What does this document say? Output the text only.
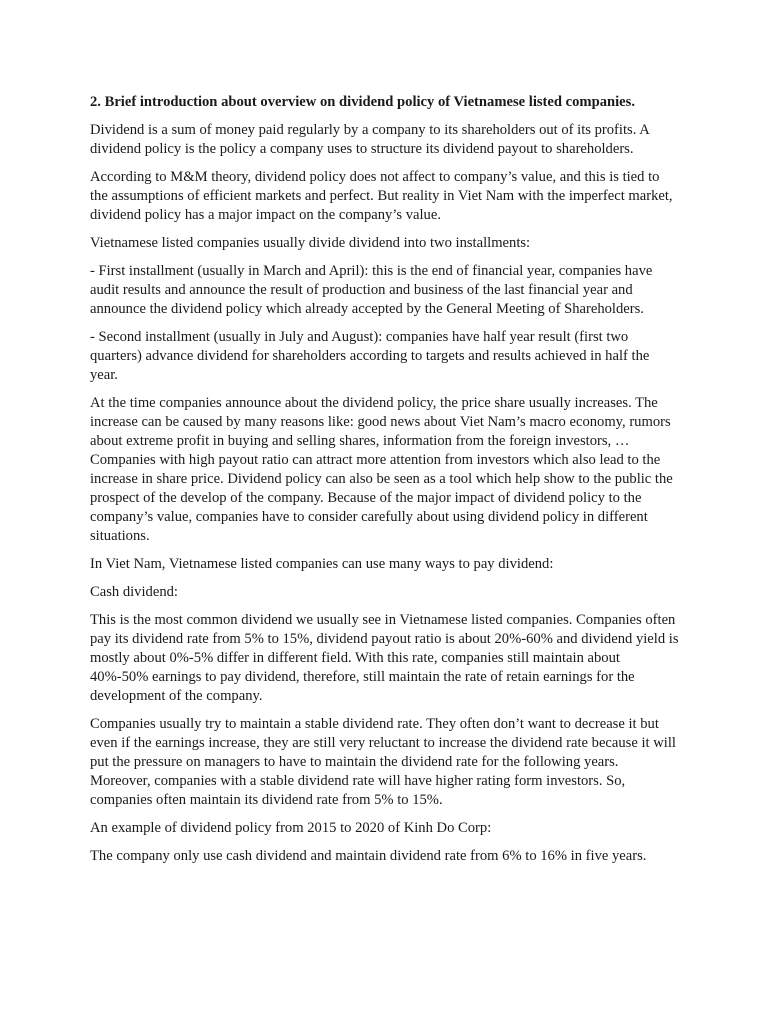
2. Brief introduction about overview on dividend policy of Vietnamese listed companies.

Dividend is a sum of money paid regularly by a company to its shareholders out of its profits. A dividend policy is the policy a company uses to structure its dividend payout to shareholders.

According to M&M theory, dividend policy does not affect to company’s value, and this is tied to the assumptions of efficient markets and perfect. But reality in Viet Nam with the imperfect market, dividend policy has a major impact on the company’s value.

Vietnamese listed companies usually divide dividend into two installments:

- First installment (usually in March and April): this is the end of financial year, companies have audit results and announce the result of production and business of the last financial year and announce the dividend policy which already accepted by the General Meeting of Shareholders.

- Second installment (usually in July and August): companies have half year result (first two quarters) advance dividend for shareholders according to targets and results achieved in half the year.

At the time companies announce about the dividend policy, the price share usually increases. The increase can be caused by many reasons like: good news about Viet Nam’s macro economy, rumors about extreme profit in buying and selling shares, information from the foreign investors, … Companies with high payout ratio can attract more attention from investors which also lead to the increase in share price. Dividend policy can also be seen as a tool which help show to the public the prospect of the develop of the company. Because of the major impact of dividend policy to the company’s value, companies have to consider carefully about using dividend policy in different situations.

In Viet Nam, Vietnamese listed companies can use many ways to pay dividend:

Cash dividend:

This is the most common dividend we usually see in Vietnamese listed companies. Companies often pay its dividend rate from 5% to 15%, dividend payout ratio is about 20%-60% and dividend yield is mostly about 0%-5% differ in different field. With this rate, companies still maintain about 40%-50% earnings to pay dividend, therefore, still maintain the rate of retain earnings for the development of the company.

Companies usually try to maintain a stable dividend rate. They often don’t want to decrease it but even if the earnings increase, they are still very reluctant to increase the dividend rate because it will put the pressure on managers to have to maintain the dividend rate for the following years. Moreover, companies with a stable dividend rate will have higher rating form investors. So, companies often maintain its dividend rate from 5% to 15%.

An example of dividend policy from 2015 to 2020 of Kinh Do Corp:

The company only use cash dividend and maintain dividend rate from 6% to 16% in five years.
